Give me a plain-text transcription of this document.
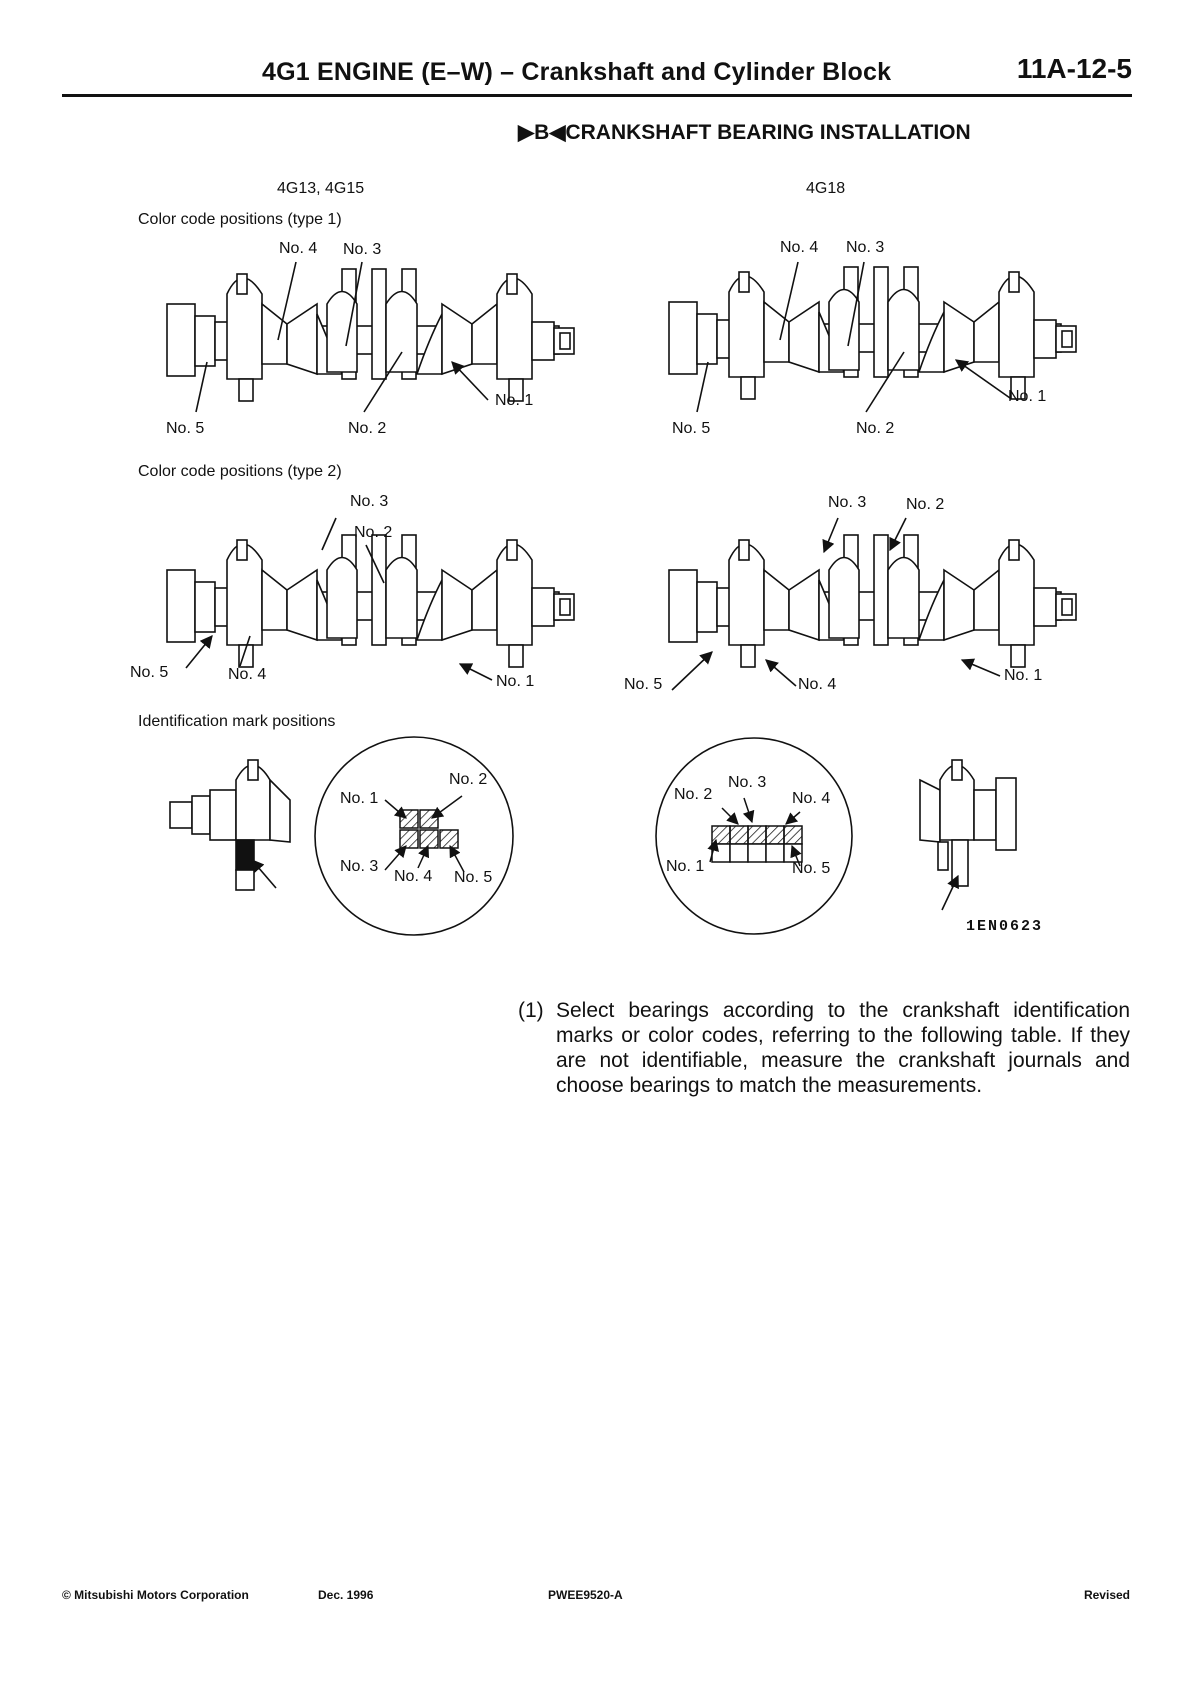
4G1 ENGINE (E–W) – Crankshaft and Cylinder Block	11A-12-5
▶B◀CRANKSHAFT BEARING INSTALLATION
4G13, 4G15
Color code positions (type 1)
No. 4 No. 3
No. 1
No. 5	No. 2
Color code positions (type 2)
No. 3
No. 2
No. 5	No. 4	No. 1
Identification mark positions
No. 2
No. 1
No. 3
No. 4 No. 5
4G18
No. 4 No. 3
No. 1
No. 5	No. 2
No. 3 No. 2
No. 5	No. 4
No. 1
No. 3
No. 2	No. 4
No. 1	No. 5
1EN0623
(1) Select bearings according to the crankshaft identification marks or color codes, referring to the following table. If they are not identifiable, measure the crankshaft journals and choose bearings to match the measurements.
© Mitsubishi Motors Corporation	Dec. 1996	PWEE9520-A	Revised
